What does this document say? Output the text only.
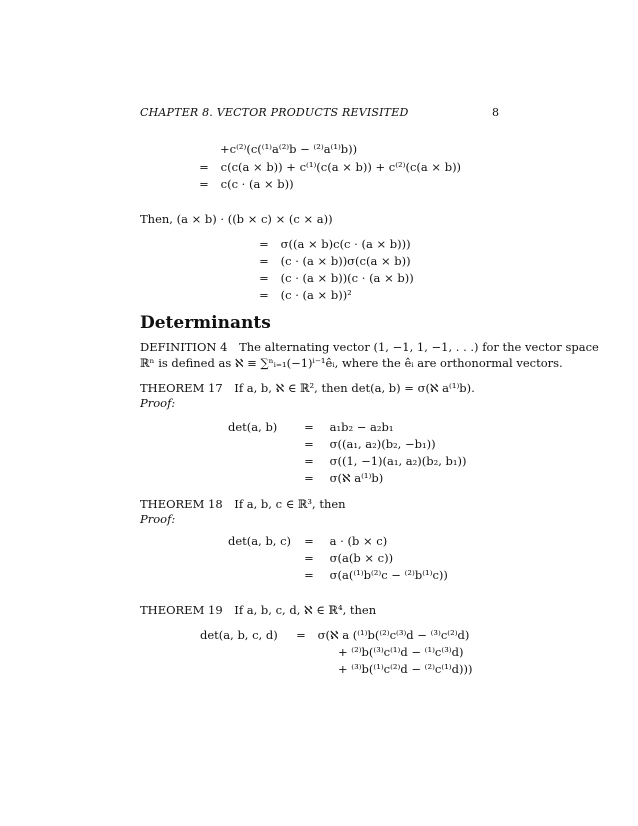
CHAPTER 8. VECTOR PRODUCTS REVISITED	8
+c⁽²⁾(c(⁽¹⁾a⁽²⁾b − ⁽²⁾a⁽¹⁾b))
= c(c(a × b)) + c⁽¹⁾(c(a × b)) + c⁽²⁾(c(a × b))
= c(c · (a × b))
Then, (a × b) · ((b × c) × (c × a))
= σ((a × b)c(c · (a × b)))
= (c · (a × b))σ(c(a × b))
= (c · (a × b))(c · (a × b))
= (c · (a × b))²
Determinants
DEFINITION 4 The alternating vector (1, −1, 1, −1, . . .) for the vector space
ℝⁿ is defined as ℵ ≡ ∑ⁿᵢ₌₁(−1)ⁱ⁻¹êᵢ, where the êᵢ are orthonormal vectors.
THEOREM 17 If a, b, ℵ ∈ ℝ², then det(a, b) = σ(ℵ a⁽¹⁾b).
Proof:
det(a, b)	= a₁b₂ − a₂b₁
= σ((a₁, a₂)(b₂, −b₁))
= σ((1, −1)(a₁, a₂)(b₂, b₁))
= σ(ℵ a⁽¹⁾b)
THEOREM 18 If a, b, c ∈ ℝ³, then
Proof:
det(a, b, c)	= a · (b × c)
= σ(a(b × c))
= σ(a(⁽¹⁾b⁽²⁾c − ⁽²⁾b⁽¹⁾c))
THEOREM 19 If a, b, c, d, ℵ ∈ ℝ⁴, then
det(a, b, c, d)	= σ(ℵ a (⁽¹⁾b(⁽²⁾c⁽³⁾d − ⁽³⁾c⁽²⁾d)
+ ⁽²⁾b(⁽³⁾c⁽¹⁾d − ⁽¹⁾c⁽³⁾d)
+ ⁽³⁾b(⁽¹⁾c⁽²⁾d − ⁽²⁾c⁽¹⁾d)))
